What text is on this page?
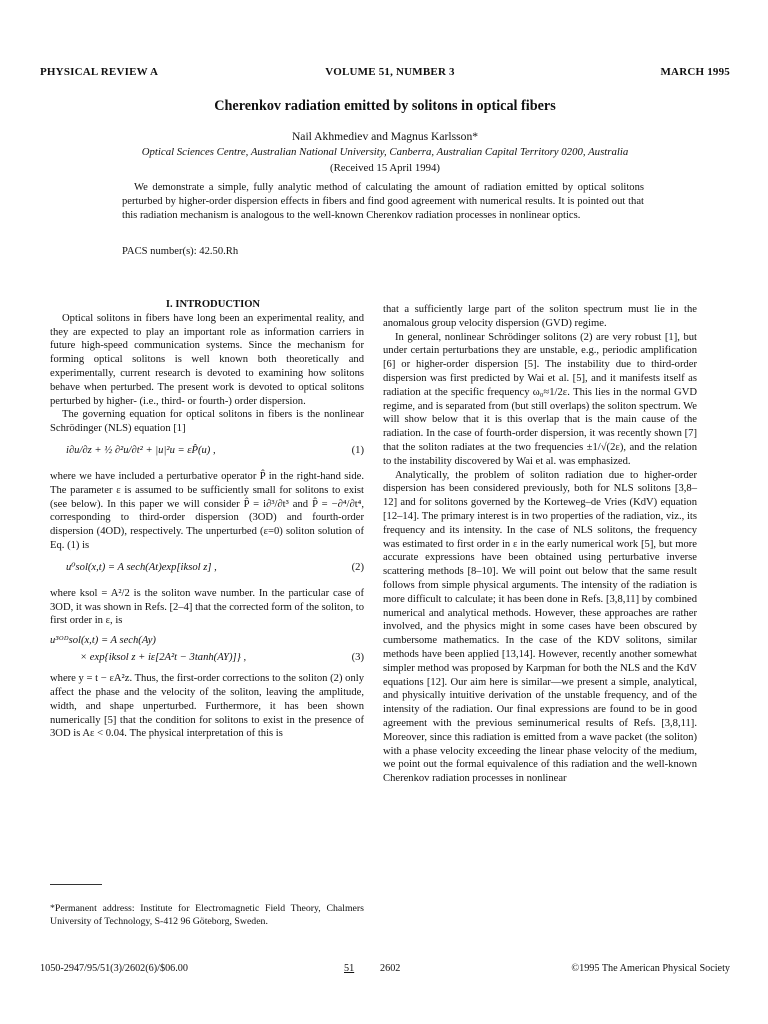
PHYSICAL REVIEW A	VOLUME 51, NUMBER 3	MARCH 1995
Cherenkov radiation emitted by solitons in optical fibers
Nail Akhmediev and Magnus Karlsson*
Optical Sciences Centre, Australian National University, Canberra, Australian Capital Territory 0200, Australia
(Received 15 April 1994)

We demonstrate a simple, fully analytic method of calculating the amount of radiation emitted by optical solitons perturbed by higher-order dispersion effects in fibers and find good agreement with numerical results. It is pointed out that this radiation mechanism is analogous to the well-known Cherenkov radiation processes in nonlinear optics.

PACS number(s): 42.50.Rh

I. INTRODUCTION

Optical solitons in fibers have long been an experimental reality, and they are expected to play an important role as information carriers in future high-speed communication systems. Since the mechanism for forming optical solitons is well known both theoretically and experimentally, current research is devoted to examining how solitons behave when perturbed. The present work is devoted to optical solitons perturbed by higher- (i.e., third- or fourth-) order dispersion.

The governing equation for optical solitons in fibers is the nonlinear Schrödinger (NLS) equation [1]

i∂u/∂z + ½ ∂²u/∂t² + |u|²u = εP̂(u) ,	(1)

where we have included a perturbative operator P̂ in the right-hand side. The parameter ε is assumed to be sufficiently small for solitons to exist (see below). In this paper we will consider P̂ = i∂³/∂t³ and P̂ = −∂⁴/∂t⁴, corresponding to third-order dispersion (3OD) and fourth-order dispersion (4OD), respectively. The unperturbed (ε=0) soliton solution of Eq. (1) is

u⁰sol(x,t) = A sech(At)exp[iksol z] ,	(2)

where ksol = A²/2 is the soliton wave number. In the particular case of 3OD, it was shown in Refs. [2–4] that the corrected form of the soliton, to first order in ε, is

u³ᴼᴰsol(x,t) = A sech(Ay)
× exp{iksol z + iε[2A²t − 3tanh(AY)]} ,	(3)

where y = t − εA²z. Thus, the first-order corrections to the soliton (2) only affect the phase and the velocity of the soliton, leaving the amplitude, width, and shape unperturbed. Furthermore, it has been shown numerically [5] that the condition for solitons to exist in the presence of 3OD is Aε < 0.04. The physical interpretation of this is

*Permanent address: Institute for Electromagnetic Field Theory, Chalmers University of Technology, S-412 96 Göteborg, Sweden.

that a sufficiently large part of the soliton spectrum must lie in the anomalous group velocity dispersion (GVD) regime.

In general, nonlinear Schrödinger solitons (2) are very robust [1], but under certain perturbations they are unstable, e.g., periodic amplification [6] or higher-order dispersion [5]. The instability due to third-order dispersion was first predicted by Wai et al. [5], and it manifests itself as radiation at the specific frequency ω₀≈1/2ε. This lies in the normal GVD regime, and is separated from (but still overlaps) the soliton spectrum. We will show below that it is this overlap that is the main cause of the radiation. In the case of fourth-order dispersion, it was recently shown [7] that the soliton radiates at the two frequencies ±1/√(2ε), and the relation to the instability discovered by Wai et al. was emphasized.

Analytically, the problem of soliton radiation due to higher-order dispersion has been considered previously, both for NLS solitons [3,8–12] and for solitons governed by the Korteweg–de Vries (KdV) equation [12–14]. The primary interest is in two properties of the radiation, viz., its frequency and its intensity. In the case of NLS solitons, the frequency was estimated to first order in ε in the early numerical work [5], but more accurate expressions have been obtained using perturbative inverse scattering methods [8–10]. We will point out below that the same result follows from simple physical arguments. The intensity of the radiation is more difficult to calculate; it has been done in Refs. [3,8,11] by combined numerical and analytical methods. However, these approaches are rather involved, and the physics might in some cases have been obscured by cumbersome mathematics. In the case of the KDV solitons, similar methods have been applied [13,14]. However, recently another somewhat simpler method was proposed by Karpman for both the NLS and the KdV equations [12]. Our aim here is similar—we present a simple, analytical, and physically intuitive derivation of the unstable frequency, and of the intensity of the radiation. Our final expressions are found to be in good agreement with the previous seminumerical results of Refs. [3,8,11]. Moreover, since this radiation is emitted from a wave packet (the soliton) with a phase velocity exceeding the linear phase velocity of the medium, we point out the formal equivalence of this radiation and the well-known Cherenkov radiation processes in nonlinear

1050-2947/95/51(3)/2602(6)/$06.00	51	2602	©1995 The American Physical Society
